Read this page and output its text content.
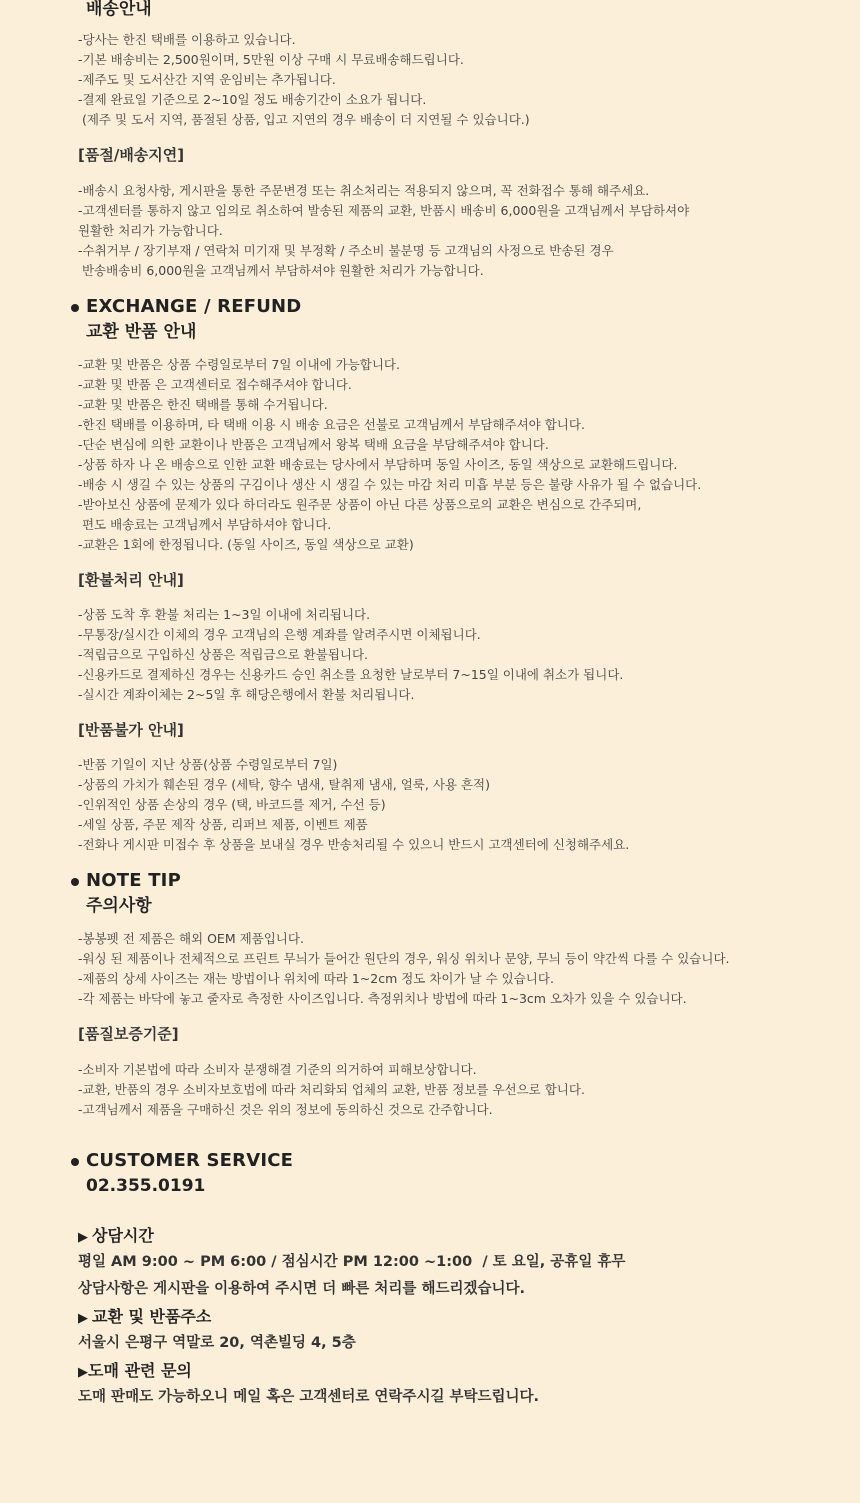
배송안내
-당사는 한진 택배를 이용하고 있습니다.
-기본 배송비는 2,500원이며, 5만원 이상 구매 시 무료배송해드립니다.
-제주도 및 도서산간 지역 운임비는 추가됩니다.
-결제 완료일 기준으로 2~10일 정도 배송기간이 소요가 됩니다.
(제주 및 도서 지역, 품절된 상품, 입고 지연의 경우 배송이 더 지연될 수 있습니다.)
[품절/배송지연]
-배송시 요청사항, 게시판을 통한 주문변경 또는 취소처리는 적용되지 않으며, 꼭 전화접수 통해 해주세요.
-고객센터를 통하지 않고 임의로 취소하여 발송된 제품의 교환, 반품시 배송비 6,000원을 고객님께서 부담하셔야
원활한 처리가 가능합니다.
-수취거부 / 장기부재 / 연락처 미기재 및 부정확 / 주소비 불분명 등 고객님의 사정으로 반송된 경우
반송배송비 6,000원을 고객님께서 부담하셔야 원활한 처리가 가능합니다.
EXCHANGE / REFUND
교환 반품 안내
-교환 및 반품은 상품 수령일로부터 7일 이내에 가능합니다.
-교환 및 반품 은 고객센터로 접수해주셔야 합니다.
-교환 및 반품은 한진 택배를 통해 수거됩니다.
-한진 택배를 이용하며, 타 택배 이용 시 배송 요금은 선불로 고객님께서 부담해주셔야 합니다.
-단순 변심에 의한 교환이나 반품은 고객님께서 왕복 택배 요금을 부담해주셔야 합니다.
-상품 하자 나 온 배송으로 인한 교환 배송료는 당사에서 부담하며 동일 사이즈, 동일 색상으로 교환해드립니다.
-배송 시 생길 수 있는 상품의 구김이나 생산 시 생길 수 있는 마감 처리 미흡 부분 등은 불량 사유가 될 수 없습니다.
-받아보신 상품에 문제가 있다 하더라도 원주문 상품이 아닌 다른 상품으로의 교환은 변심으로 간주되며,
편도 배송료는 고객님께서 부담하셔야 합니다.
-교환은 1회에 한정됩니다. (동일 사이즈, 동일 색상으로 교환)
[환불처리 안내]
-상품 도착 후 환불 처리는 1~3일 이내에 처리됩니다.
-무통장/실시간 이체의 경우 고객님의 은행 계좌를 알려주시면 이체됩니다.
-적립금으로 구입하신 상품은 적립금으로 환불됩니다.
-신용카드로 결제하신 경우는 신용카드 승인 취소를 요청한 날로부터 7~15일 이내에 취소가 됩니다.
-실시간 계좌이체는 2~5일 후 해당은행에서 환불 처리됩니다.
[반품불가 안내]
-반품 기일이 지난 상품(상품 수령일로부터 7일)
-상품의 가치가 훼손된 경우 (세탁, 향수 냄새, 탈취제 냄새, 얼룩, 사용 흔적)
-인위적인 상품 손상의 경우 (택, 바코드를 제거, 수선 등)
-세일 상품, 주문 제작 상품, 리퍼브 제품, 이벤트 제품
-전화나 게시판 미접수 후 상품을 보내실 경우 반송처리될 수 있으니 반드시 고객센터에 신청해주세요.
NOTE TIP
주의사항
-봉봉펫 전 제품은 해외 OEM 제품입니다.
-워싱 된 제품이나 전체적으로 프린트 무늬가 들어간 원단의 경우, 워싱 위치나 문양, 무늬 등이 약간씩 다를 수 있습니다.
-제품의 상세 사이즈는 재는 방법이나 위치에 따라 1~2cm 정도 차이가 날 수 있습니다.
-각 제품는 바닥에 놓고 줄자로 측정한 사이즈입니다. 측정위치나 방법에 따라 1~3cm 오차가 있을 수 있습니다.
[품질보증기준]
-소비자 기본법에 따라 소비자 분쟁해결 기준의 의거하여 피해보상합니다.
-교환, 반품의 경우 소비자보호법에 따라 처리화되 업체의 교환, 반품 정보를 우선으로 합니다.
-고객님께서 제품을 구매하신 것은 위의 정보에 동의하신 것으로 간주합니다.
CUSTOMER SERVICE
02.355.0191
▶ 상담시간
평일 AM 9:00 ~ PM 6:00 / 점심시간 PM 12:00 ~1:00  / 토 요일, 공휴일 휴무
상담사항은 게시판을 이용하여 주시면 더 빠른 처리를 해드리겠습니다.
▶ 교환 및 반품주소
서울시 은평구 역말로 20, 역촌빌딩 4, 5층
▶도매 관련 문의
도매 판매도 가능하오니 메일 혹은 고객센터로 연락주시길 부탁드립니다.
